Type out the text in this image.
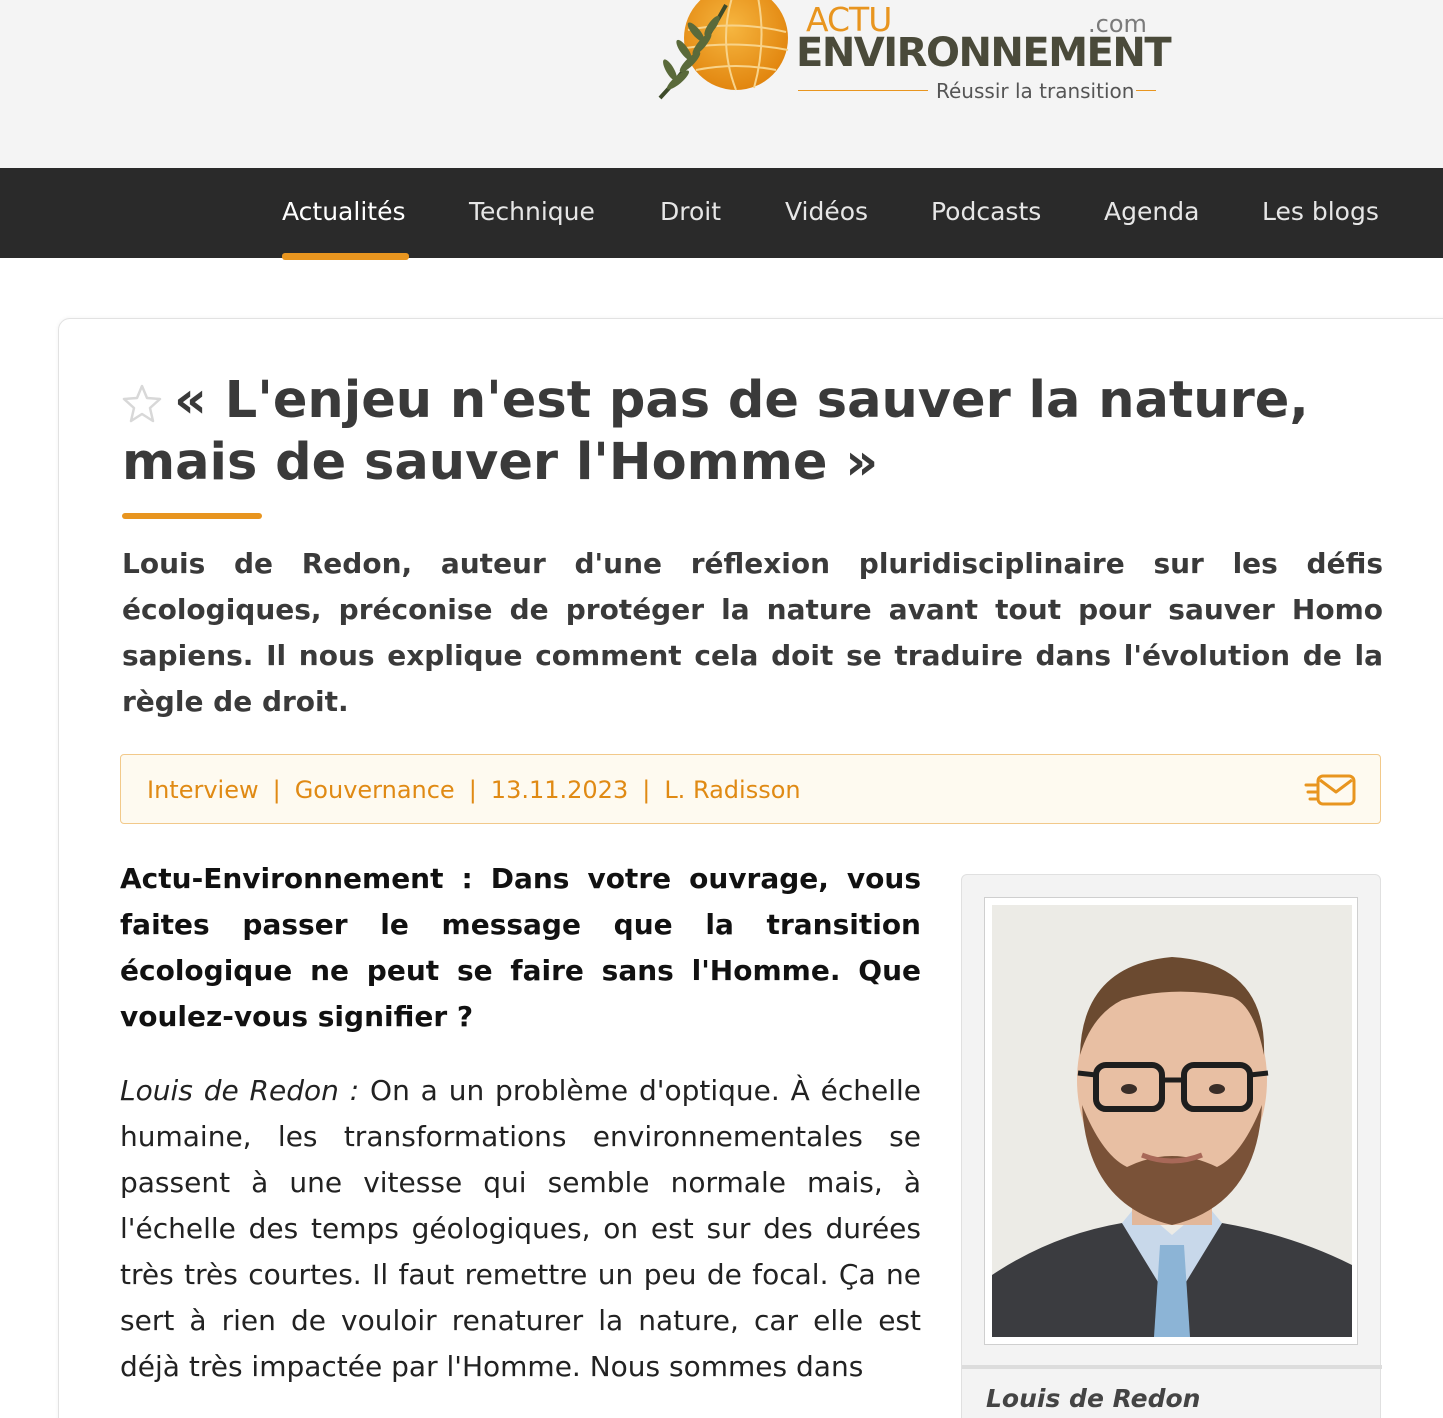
ACTU	.com
ENVIRONNEMENT
Réussir la transition
Actualités	Technique	Droit	Vidéos	Podcasts	Agenda	Les blogs
« L'enjeu n'est pas de sauver la nature, mais de sauver l'Homme »

Louis de Redon, auteur d'une réflexion pluridisciplinaire sur les défis écologiques, préconise de protéger la nature avant tout pour sauver Homo sapiens. Il nous explique comment cela doit se traduire dans l'évolution de la règle de droit.

Interview | Gouvernance | 13.11.2023 | L. Radisson

Actu-Environnement : Dans votre ouvrage, vous faites passer le message que la transition écologique ne peut se faire sans l'Homme. Que voulez-vous signifier ?

Louis de Redon : On a un problème d'optique. À échelle humaine, les transformations environnementales se passent à une vitesse qui semble normale mais, à l'échelle des temps géologiques, on est sur des durées très très courtes. Il faut remettre un peu de focal. Ça ne sert à rien de vouloir renaturer la nature, car elle est déjà très impactée par l'Homme. Nous sommes dans

Louis de Redon
